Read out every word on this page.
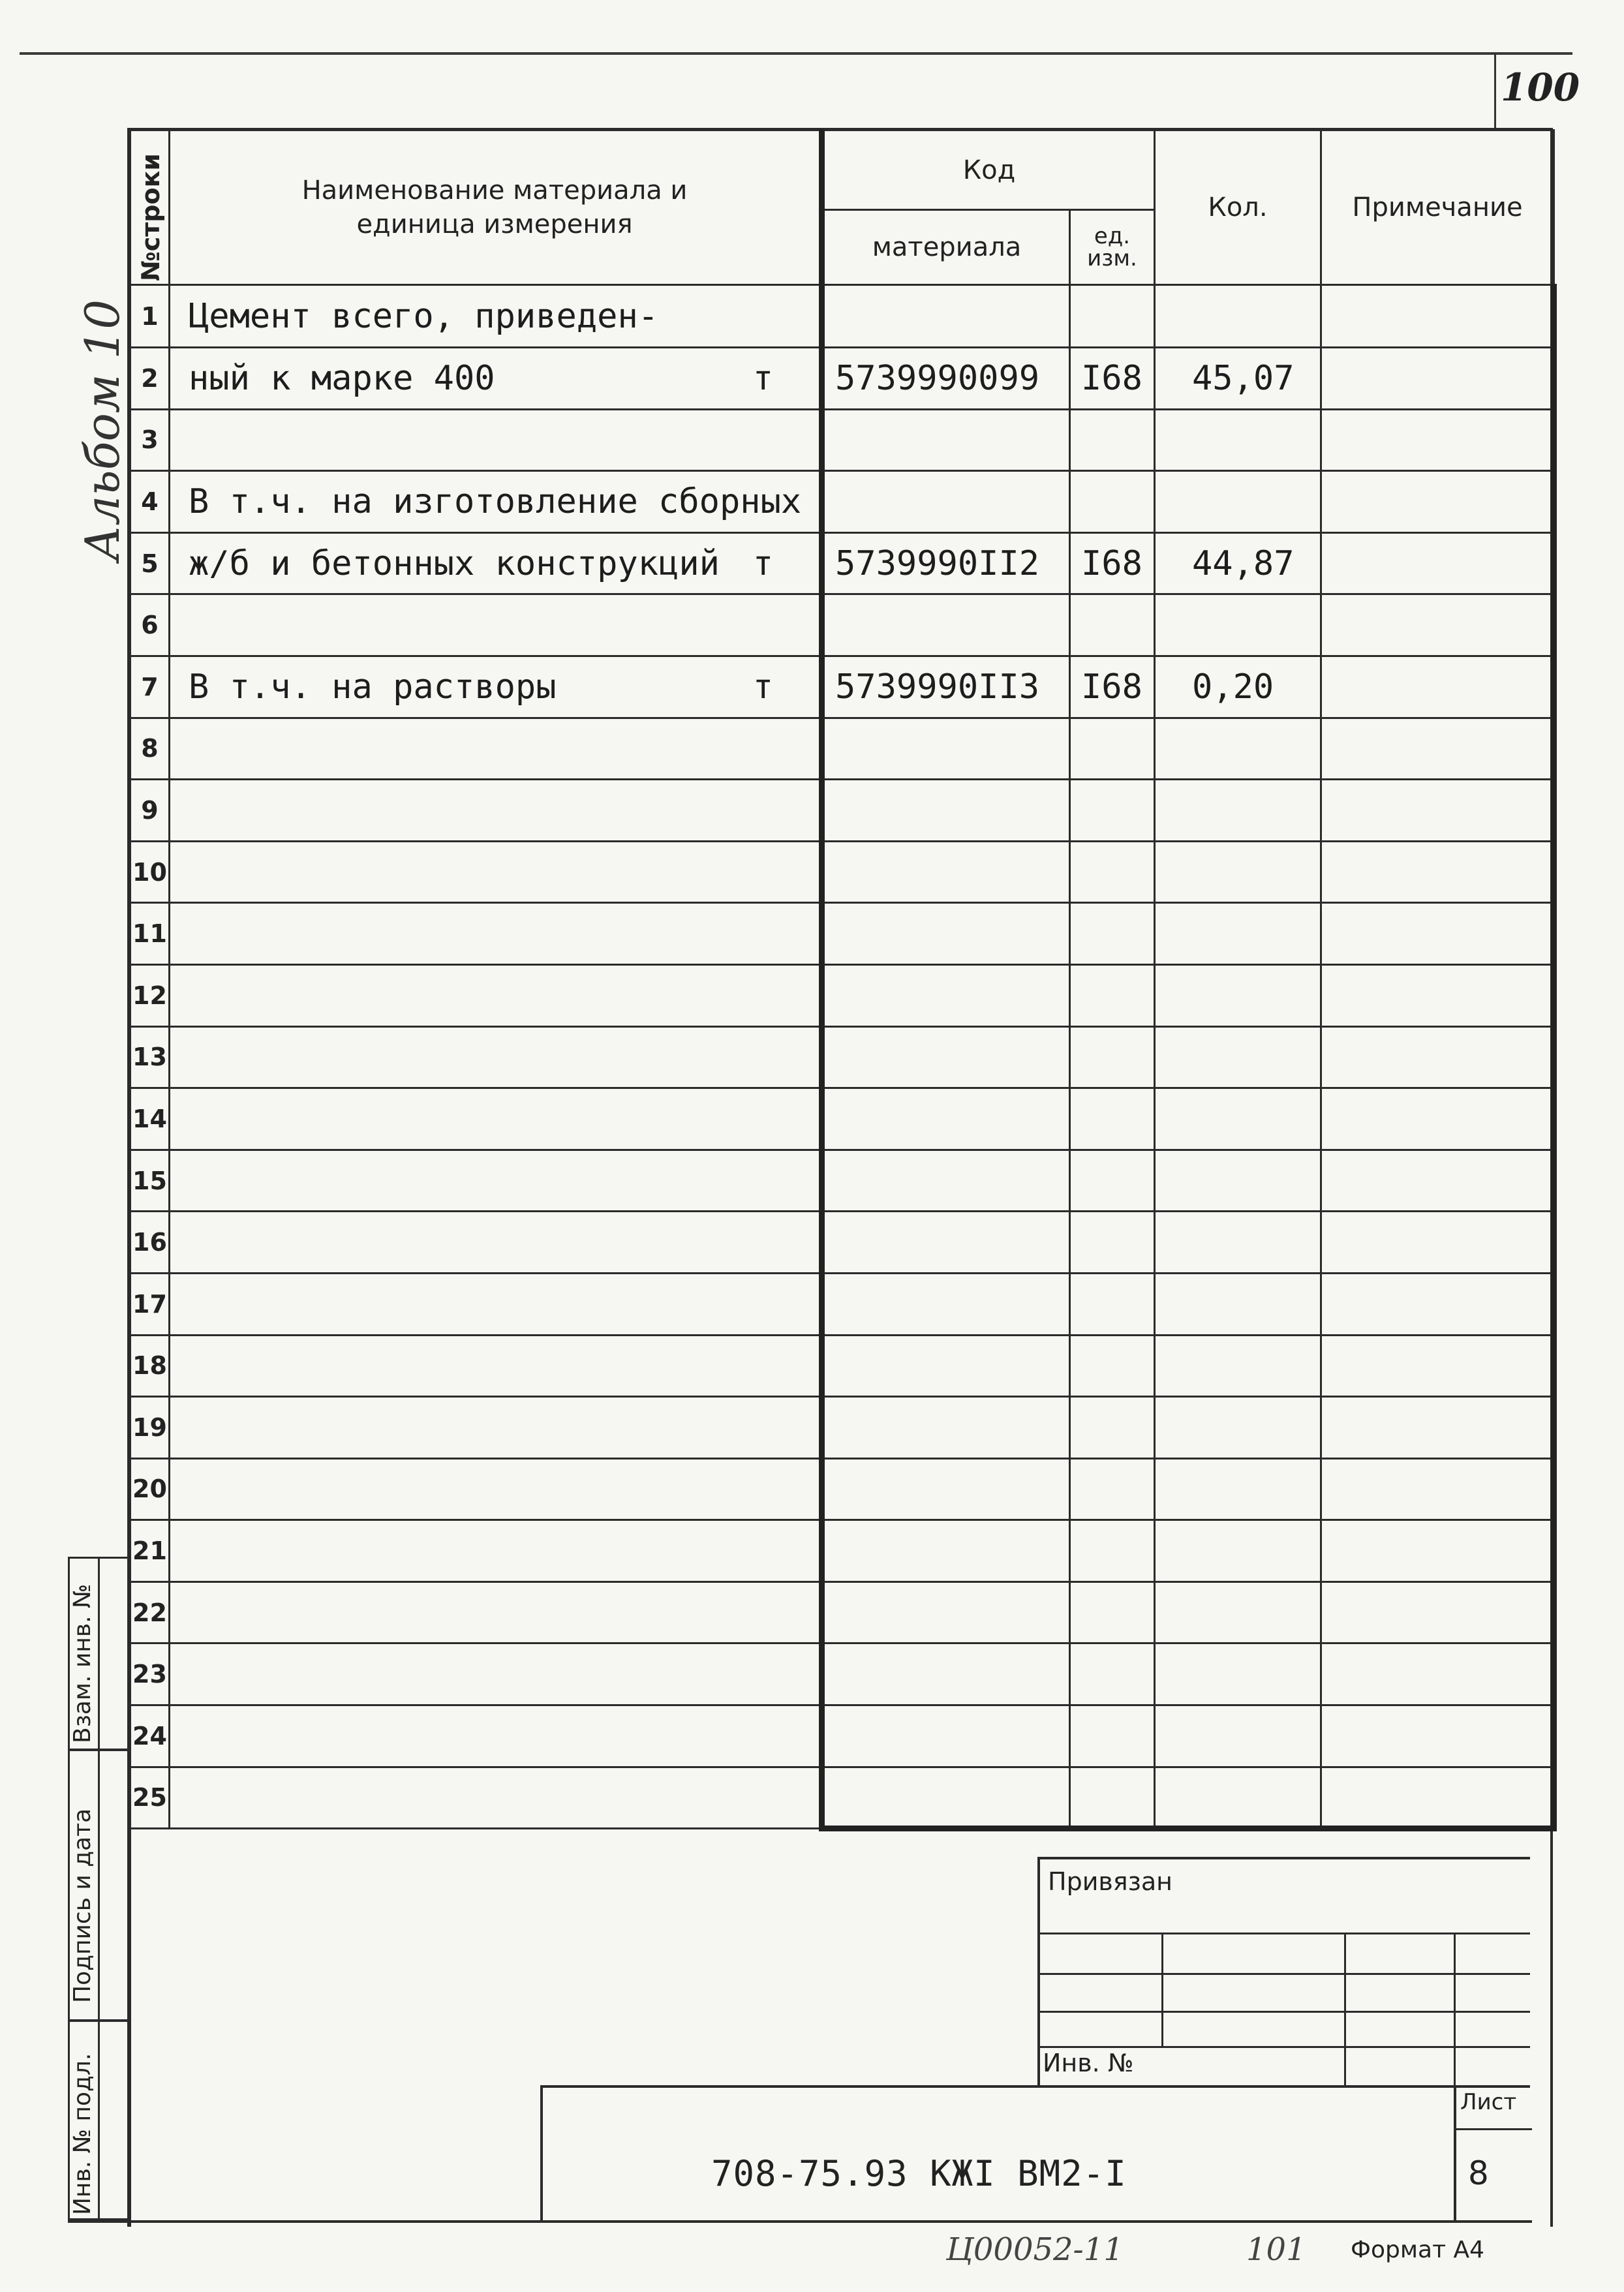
100
Альбом 10
№строки	Наименование материала и единица измерения	Код		Кол.	Примечание
		материала	ед. изм.		
1	Цемент всего, приведен-

2	ный к марке 400 т	5739990099	I68	45,07	
3	

4	В т.ч. на изготовление сборных

5	ж/б и бетонных конструкций т	5739990II2	I68	44,87	
6	

7	В т.ч. на растворы т	5739990II3	I68	0,20	
8	

9	

10	

11	

12	

13	

14	

15	

16	

17	

18	

19	

20	

21	

22	

23	

24	

25	

Взам. инв. №
Подпись и дата
Инв. № подл.
Привязан
Инв. №
708-75.93 КЖI ВМ2-I
Лист
8
Ц00052-11	101 Формат А4
